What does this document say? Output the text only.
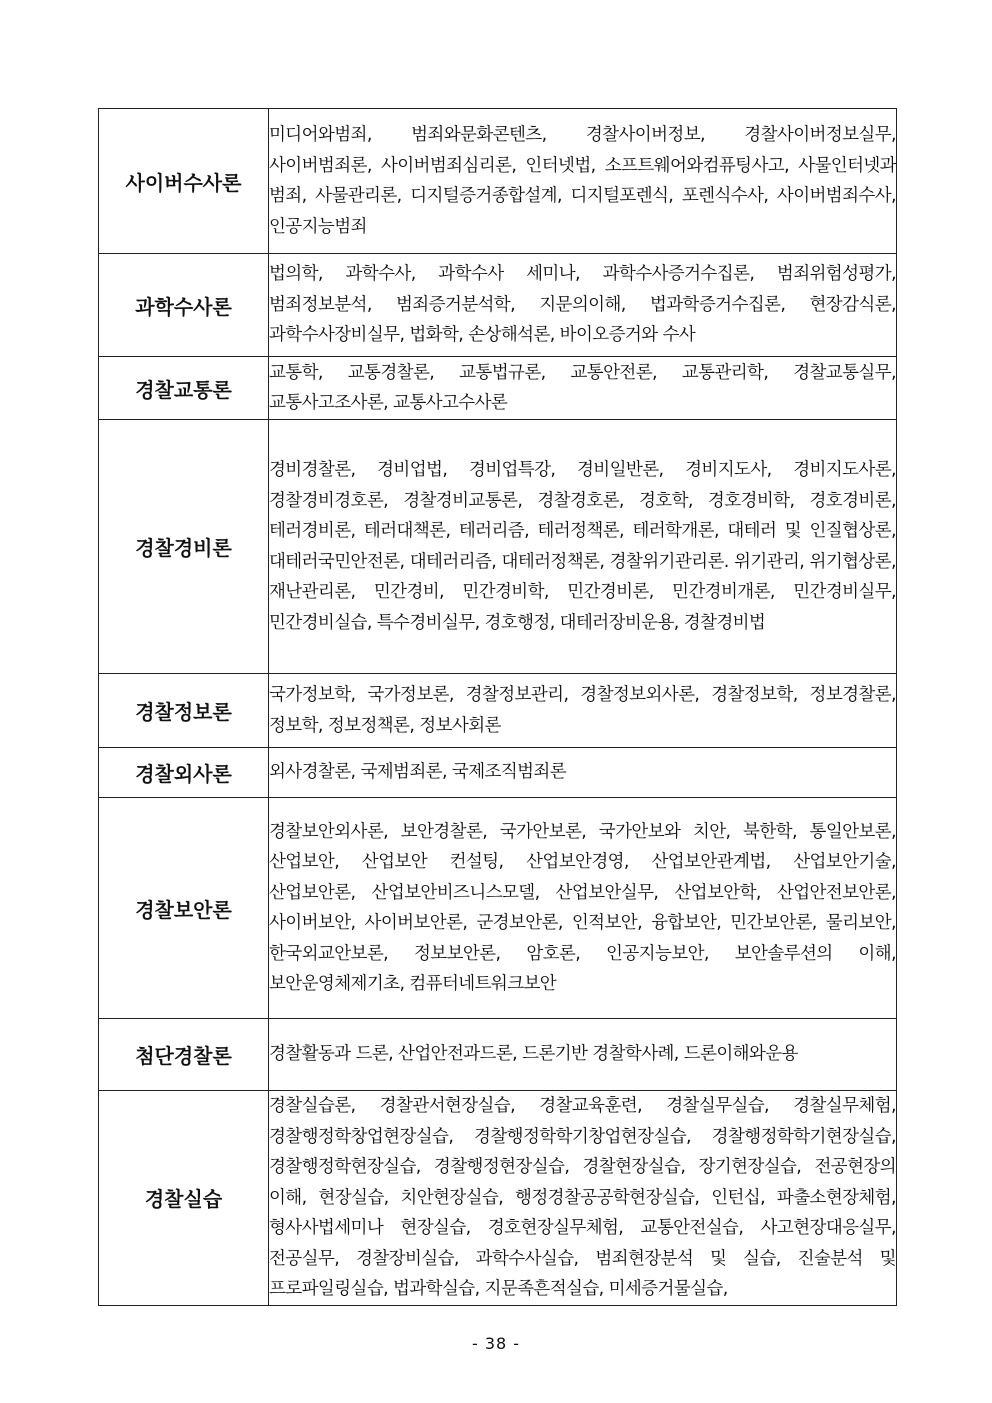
사이버수사론	미디어와범죄, 범죄와문화콘텐츠, 경찰사이버정보, 경찰사이버정보실무, 사이버범죄론, 사이버범죄심리론, 인터넷법, 소프트웨어와컴퓨팅사고, 사물인터넷과 범죄, 사물관리론, 디지털증거종합설계, 디지털포렌식, 포렌식수사, 사이버범죄수사, 인공지능범죄
과학수사론	법의학, 과학수사, 과학수사 세미나, 과학수사증거수집론, 범죄위험성평가, 범죄정보분석, 범죄증거분석학, 지문의이해, 법과학증거수집론, 현장감식론, 과학수사장비실무, 법화학, 손상해석론, 바이오증거와 수사
경찰교통론	교통학, 교통경찰론, 교통법규론, 교통안전론, 교통관리학, 경찰교통실무, 교통사고조사론, 교통사고수사론
경찰경비론	경비경찰론, 경비업법, 경비업특강, 경비일반론, 경비지도사, 경비지도사론, 경찰경비경호론, 경찰경비교통론, 경찰경호론, 경호학, 경호경비학, 경호경비론, 테러경비론, 테러대책론, 테러리즘, 테러정책론, 테러학개론, 대테러 및 인질협상론, 대테러국민안전론, 대테러리즘, 대테러정책론, 경찰위기관리론. 위기관리, 위기협상론, 재난관리론, 민간경비, 민간경비학, 민간경비론, 민간경비개론, 민간경비실무, 민간경비실습, 특수경비실무, 경호행정, 대테러장비운용, 경찰경비법
경찰정보론	국가정보학, 국가정보론, 경찰정보관리, 경찰정보외사론, 경찰정보학, 정보경찰론, 정보학, 정보정책론, 정보사회론
경찰외사론	외사경찰론, 국제범죄론, 국제조직범죄론
경찰보안론	경찰보안외사론, 보안경찰론, 국가안보론, 국가안보와 치안, 북한학, 통일안보론, 산업보안, 산업보안 컨설팅, 산업보안경영, 산업보안관계법, 산업보안기술, 산업보안론, 산업보안비즈니스모델, 산업보안실무, 산업보안학, 산업안전보안론, 사이버보안, 사이버보안론, 군경보안론, 인적보안, 융합보안, 민간보안론, 물리보안, 한국외교안보론, 정보보안론, 암호론, 인공지능보안, 보안솔루션의 이해, 보안운영체제기초, 컴퓨터네트워크보안
첨단경찰론	경찰활동과 드론, 산업안전과드론, 드론기반 경찰학사례, 드론이해와운용
경찰실습	경찰실습론, 경찰관서현장실습, 경찰교육훈련, 경찰실무실습, 경찰실무체험, 경찰행정학창업현장실습, 경찰행정학학기창업현장실습, 경찰행정학학기현장실습, 경찰행정학현장실습, 경찰행정현장실습, 경찰현장실습, 장기현장실습, 전공현장의 이해, 현장실습, 치안현장실습, 행정경찰공공학현장실습, 인턴십, 파출소현장체험, 형사사법세미나 현장실습, 경호현장실무체험, 교통안전실습, 사고현장대응실무, 전공실무, 경찰장비실습, 과학수사실습, 범죄현장분석 및 실습, 진술분석 및 프로파일링실습, 법과학실습, 지문족흔적실습, 미세증거물실습,
- 38 -
